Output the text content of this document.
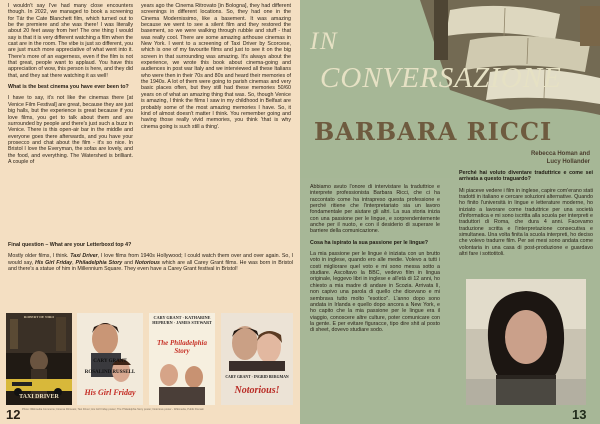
I wouldn't say I've had many close encounters though. In 2022, we managed to book a screening for Tár the Cate Blanchett film, which turned out to be the premiere and she was there! I was literally about 20 feet away from her! The one thing I would say is that it is very different watching a film when the cast are in the room. The vibe is just so different, you are just much more appreciative of what went into it. There's more of an eagerness, even if the film is not that great, people want to applaud. You have this appreciation of wow, this person is here, and they did that, and they sat there watching it as well!

What is the best cinema you have ever been to?

I have to say, it's not like the cinemas there [at Venice Film Festival] are great, because they are just big halls, but the experience is great because if you love films, you get to talk about them and are surrounded by people and there's just such a buzz in Venice. There is this open-air bar in the middle and everyone goes there afterwards, and you have your prosecco and chat about the film - it's so nice. In Bristol I love the Everyman, the sofas are lovely, and the food, and everything. The Watershed is brilliant. A couple of

years ago the Cinema Ritrovato [in Bologna], they had different screenings in different locations. So, they had one in the Cinema Modernissimo, like a basement. It was amazing because we went to see a silent film and they restored the basement, so we were walking through rubble and stuff - that was really cool. There are some amazing arthouse cinemas in New York. I went to a screening of Taxi Driver by Scorcese, which is one of my favourite films and just to see it on the big screen in that surrounding was amazing. It's always about the experience, we wrote this book about cinema-going and audiences in post war Italy and we interviewed all these Italians who were then in their 70s and 80s and heard their memories of the 1940s. A lot of them were going to parish cinemas and very basic places often, but they still had these memories 50/60 years on of what an amazing thing that was. So, though Venice is amazing, I think the films I saw in my childhood in Belfast are probably some of the most amazing memories I have. So, it kind of almost doesn't matter I think. You remember going and having those really vivid memories, you think 'that is why cinema going is such still a thing'.

Final question – What are your Letterboxd top 4?

Mostly older films, I think. Taxi Driver, I love films from 1940s Hollywood; I could watch them over and over again. So, I would say, His Girl Friday, Philadelphia Story and Notorious which are all Carey Grant films. He was born in Bristol and there's a statue of him in Millennium Square. They even have a Carey Grant festival in Bristol!

TAXI DRIVER
ROBERT DE NIRO
CARY GRANT
ROSALIND RUSSELL
His Girl Friday
CARY GRANT · KATHARINE HEPBURN · JAMES STEWART
The Philadelphia Story
CARY GRANT · INGRID BERGMAN
Notorious!
12 Photo: Wikimedia Commons; Cinema Ritrovato; Taxi Driver; His Girl Friday poster; The Philadelphia Story poster; Notorious poster - Wikimedia, Public Domain
IN
CONVERSAZIONE
BARBARA RICCI
Rebecca Homan and
Lucy Hollander

Abbiamo avuto l'onore di intervistare la traduttrice e interprete professionista Barbara Ricci, che ci ha raccontato come ha intrapreso questa professione e perché ritiene che l'interpretariato sia un lavoro fondamentale per aiutare gli altri. La sua storia inizia con una passione per le lingue, e sorprendentemente anche per il nuoto, e con il desiderio di superare le barriere della comunicazione.

Cosa ha ispirato la sua passione per le lingue?

La mia passione per le lingue è iniziata con un brutto voto in inglese, quando ero alle medie. Volevo a tutti i costi migliorare quel voto e mi sono messa sotto a studiare. Ascoltavo la BBC, vedevo film in lingua originale, leggevo libri in inglese e all'età di 12 anni, ho chiesto a mia madre di andare in Scozia. Arrivata lì, non capivo una parola di quello che dicevano e mi sembrava tutto molto "esotico". L'anno dopo sono andata in Irlanda e quello dopo ancora a New York, e ho capito che la mia passione per le lingue era il viaggio, conoscere altre culture, poter comunicare con la gente. E per evitare figuracce, tipo dire shit al posto di sheet, dovevo studiare sodo.

Perché hai voluto diventare traduttrice e come sei arrivata a questo traguardo?

Mi piaceve vedere i film in inglese, capire com'erano stati tradotti in italiano e cercare soluzioni alternative. Quando ho finito l'università in lingue e letterature moderne, ho iniziato a lavorare come traduttrice per una società d'informatica e mi sono iscritta alla scuola per interpreti e traduttori di Roma, che dura 4 anni. Facevamo traduzione scritta e l'interpretazione consecutiva e simultanea. Una volta finita la scuola interpreti, ho deciso che volevo tradurre film. Per sei mesi sono andata come volontaria in una casa di post-produzione e guardavo altri fare i sottotitoli.

13
